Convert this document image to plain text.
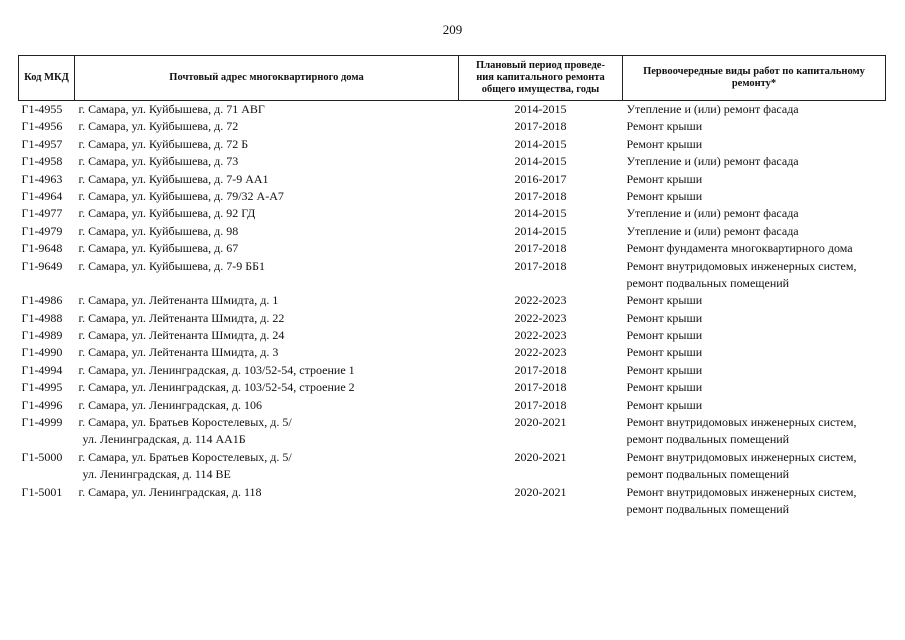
209
Код МКД	Почтовый адрес многоквартирного дома	Плановый период проведе-
ния капитального ремонта
общего имущества, годы	Первоочередные виды работ по капитальному
ремонту*

Г1-4955	г. Самара, ул. Куйбышева, д. 71 АВГ	2014-2015	Утепление и (или) ремонт фасада

Г1-4956	г. Самара, ул. Куйбышева, д. 72	2017-2018	Ремонт крыши

Г1-4957	г. Самара, ул. Куйбышева, д. 72 Б	2014-2015	Ремонт крыши

Г1-4958	г. Самара, ул. Куйбышева, д. 73	2014-2015	Утепление и (или) ремонт фасада

Г1-4963	г. Самара, ул. Куйбышева, д. 7-9 АА1	2016-2017	Ремонт крыши

Г1-4964	г. Самара, ул. Куйбышева, д. 79/32 А-А7	2017-2018	Ремонт крыши

Г1-4977	г. Самара, ул. Куйбышева, д. 92 ГД	2014-2015	Утепление и (или) ремонт фасада

Г1-4979	г. Самара, ул. Куйбышева, д. 98	2014-2015	Утепление и (или) ремонт фасада

Г1-9648	г. Самара, ул. Куйбышева, д. 67	2017-2018	Ремонт фундамента многоквартирного дома

Г1-9649	г. Самара, ул. Куйбышева, д. 7-9 ББ1	2017-2018	Ремонт внутридомовых инженерных систем,
ремонт подвальных помещений

Г1-4986	г. Самара, ул. Лейтенанта Шмидта, д. 1	2022-2023	Ремонт крыши

Г1-4988	г. Самара, ул. Лейтенанта Шмидта, д. 22	2022-2023	Ремонт крыши

Г1-4989	г. Самара, ул. Лейтенанта Шмидта, д. 24	2022-2023	Ремонт крыши

Г1-4990	г. Самара, ул. Лейтенанта Шмидта, д. 3	2022-2023	Ремонт крыши

Г1-4994	г. Самара, ул. Ленинградская, д. 103/52-54, строение 1	2017-2018	Ремонт крыши

Г1-4995	г. Самара, ул. Ленинградская, д. 103/52-54, строение 2	2017-2018	Ремонт крыши

Г1-4996	г. Самара, ул. Ленинградская, д. 106	2017-2018	Ремонт крыши

Г1-4999	г. Самара, ул. Братьев Коростелевых, д. 5/
ул. Ленинградская, д. 114 АА1Б	2020-2021	Ремонт внутридомовых инженерных систем,
ремонт подвальных помещений

Г1-5000	г. Самара, ул. Братьев Коростелевых, д. 5/
ул. Ленинградская, д. 114 ВЕ	2020-2021	Ремонт внутридомовых инженерных систем,
ремонт подвальных помещений

Г1-5001	г. Самара, ул. Ленинградская, д. 118	2020-2021	Ремонт внутридомовых инженерных систем,
ремонт подвальных помещений
